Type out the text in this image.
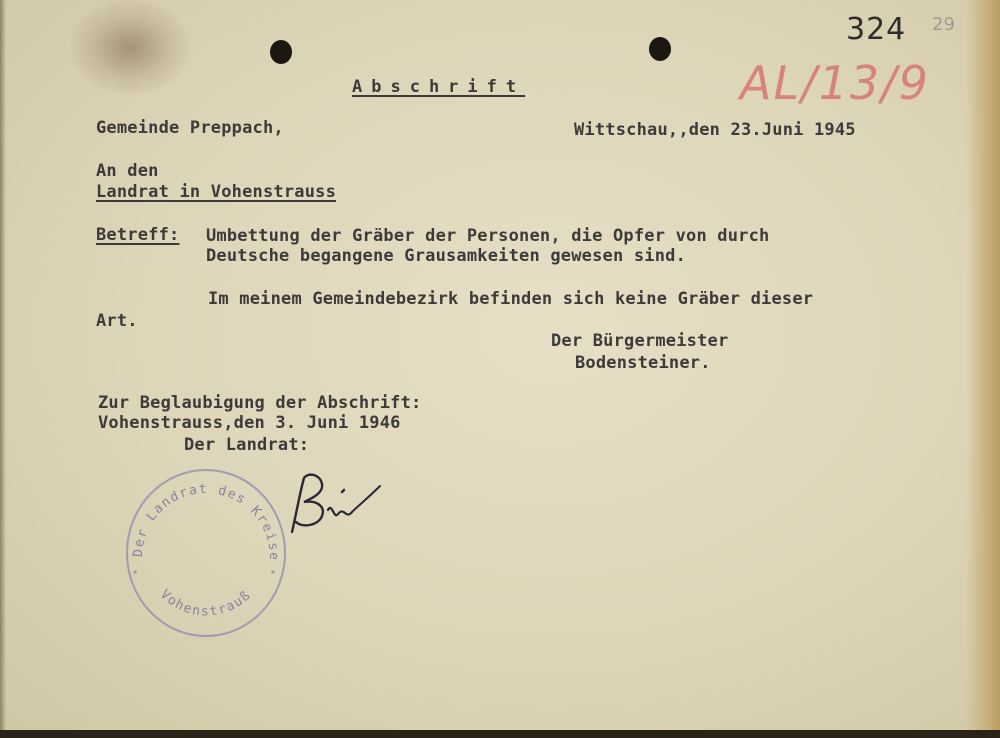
324 29
AL/13/9
Abschrift
Gemeinde Preppach,	Wittschau,,den 23.Juni 1945
An den
Landrat in Vohenstrauss
Betreff: Umbettung der Gräber der Personen, die Opfer von durch
Deutsche begangene Grausamkeiten gewesen sind.
Im meinem Gemeindebezirk befinden sich keine Gräber dieser
Art.
Der Bürgermeister
Bodensteiner.
Zur Beglaubigung der Abschrift:
Vohenstrauss,den 3. Juni 1946
Der Landrat:
Der Landrat des Kreises
Vohenstrauß
*	*
